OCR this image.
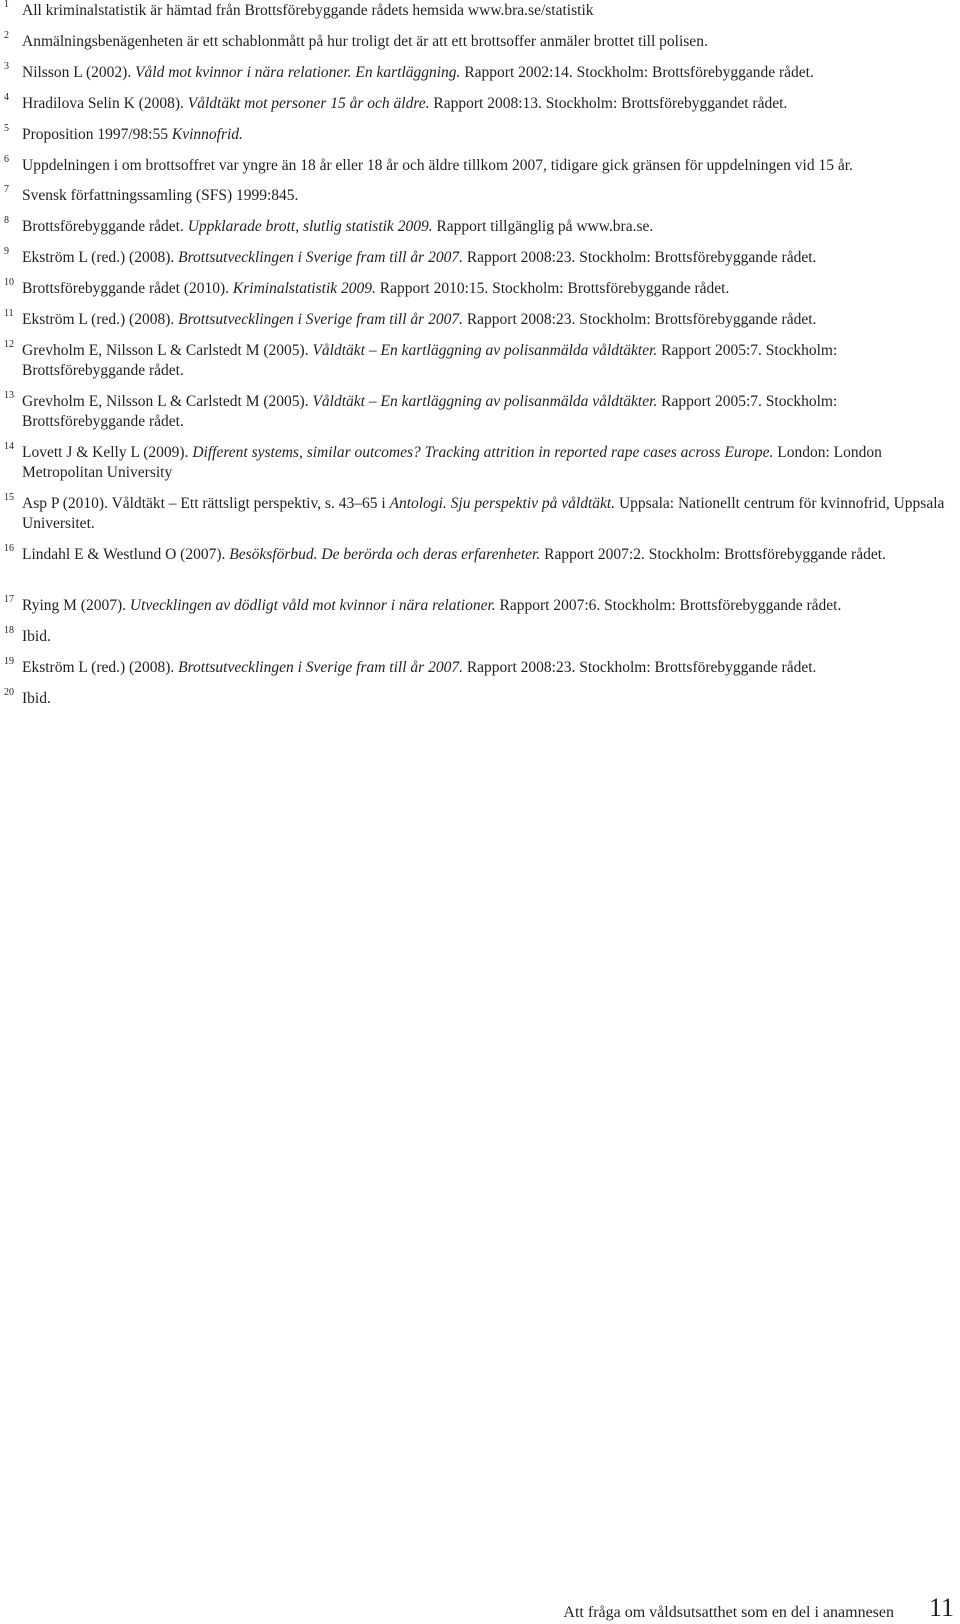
1 All kriminalstatistik är hämtad från Brottsförebyggande rådets hemsida www.bra.se/statistik
2 Anmälningsbenägenheten är ett schablonmått på hur troligt det är att ett brottsoffer anmäler brottet till polisen.
3 Nilsson L (2002). Våld mot kvinnor i nära relationer. En kartläggning. Rapport 2002:14. Stockholm: Brottsförebyggande rådet.
4 Hradilova Selin K (2008). Våldtäkt mot personer 15 år och äldre. Rapport 2008:13. Stockholm: Brottsförebyggandet rådet.
5 Proposition 1997/98:55 Kvinnofrid.
6 Uppdelningen i om brottsoffret var yngre än 18 år eller 18 år och äldre tillkom 2007, tidigare gick gränsen för uppdelningen vid 15 år.
7 Svensk författningssamling (SFS) 1999:845.
8 Brottsförebyggande rådet. Uppklarade brott, slutlig statistik 2009. Rapport tillgänglig på www.bra.se.
9 Ekström L (red.) (2008). Brottsutvecklingen i Sverige fram till år 2007. Rapport 2008:23. Stockholm: Brottsförebyggande rådet.
10 Brottsförebyggande rådet (2010). Kriminalstatistik 2009. Rapport 2010:15. Stockholm: Brottsförebyggande rådet.
11 Ekström L (red.) (2008). Brottsutvecklingen i Sverige fram till år 2007. Rapport 2008:23. Stockholm: Brottsförebyggande rådet.
12 Grevholm E, Nilsson L & Carlstedt M (2005). Våldtäkt – En kartläggning av polisanmälda våldtäkter. Rapport 2005:7. Stockholm: Brottsförebyggande rådet.
13 Grevholm E, Nilsson L & Carlstedt M (2005). Våldtäkt – En kartläggning av polisanmälda våldtäkter. Rapport 2005:7. Stockholm: Brottsförebyggande rådet.
14 Lovett J & Kelly L (2009). Different systems, similar outcomes? Tracking attrition in reported rape cases across Europe. London: London Metropolitan University
15 Asp P (2010). Våldtäkt – Ett rättsligt perspektiv, s. 43–65 i Antologi. Sju perspektiv på våldtäkt. Uppsala: Nationellt centrum för kvinnofrid, Uppsala Universitet.
16 Lindahl E & Westlund O (2007). Besöksförbud. De berörda och deras erfarenheter. Rapport 2007:2. Stockholm: Brottsförebyggande rådet.
17 Rying M (2007). Utvecklingen av dödligt våld mot kvinnor i nära relationer. Rapport 2007:6. Stockholm: Brottsförebyggande rådet.
18 Ibid.
19 Ekström L (red.) (2008). Brottsutvecklingen i Sverige fram till år 2007. Rapport 2008:23. Stockholm: Brottsförebyggande rådet.
20 Ibid.
Att fråga om våldsutsatthet som en del i anamnesen 11
